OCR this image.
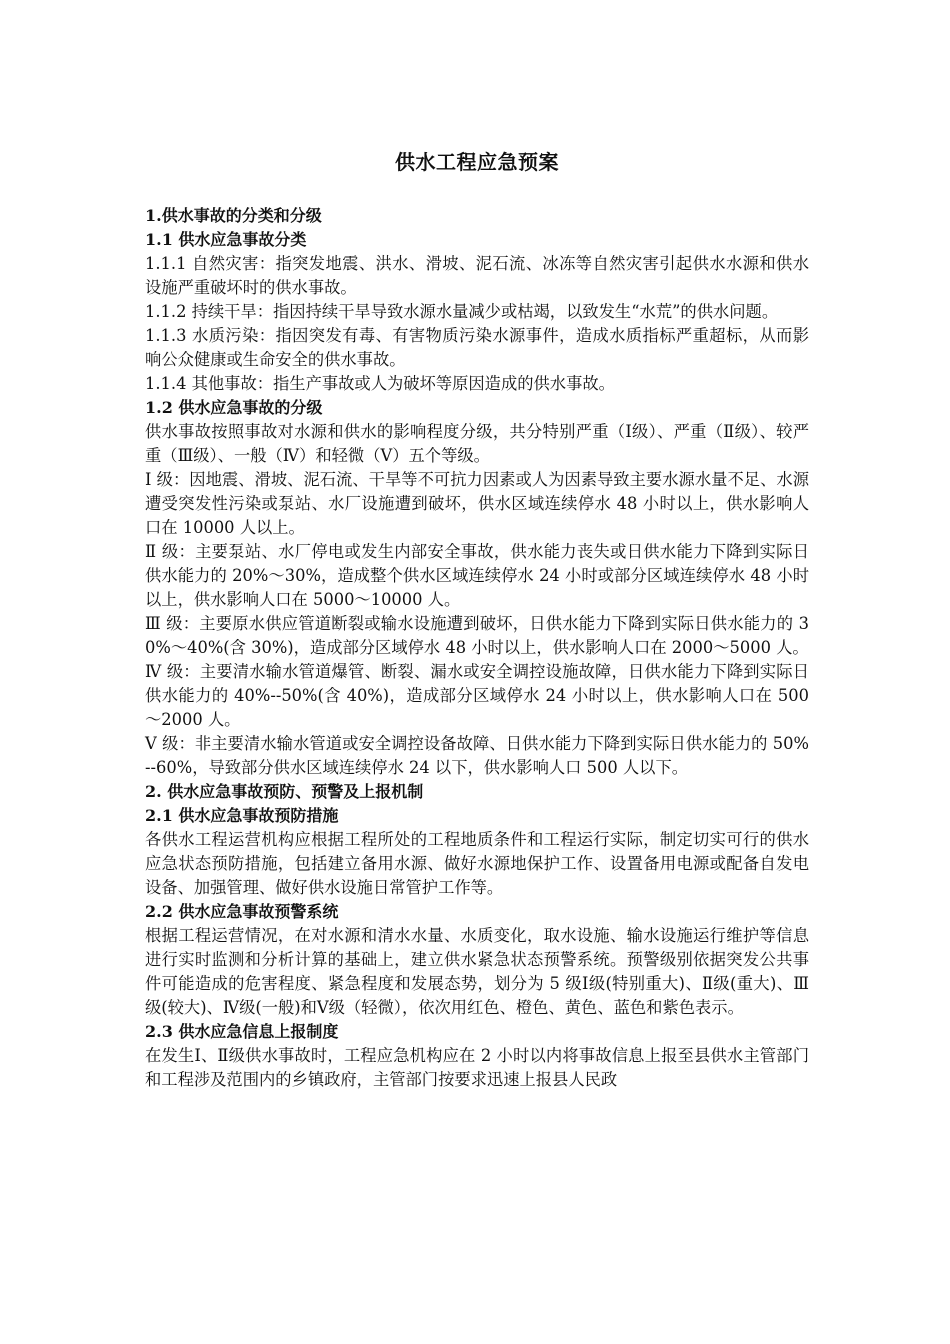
供水工程应急预案
1.供水事故的分类和分级
1.1 供水应急事故分类
1.1.1 自然灾害：指突发地震、洪水、滑坡、泥石流、冰冻等自然灾害引起供水水源和供水设施严重破坏时的供水事故。
1.1.2 持续干旱：指因持续干旱导致水源水量减少或枯竭，以致发生“水荒”的供水问题。
1.1.3 水质污染：指因突发有毒、有害物质污染水源事件，造成水质指标严重超标，从而影响公众健康或生命安全的供水事故。
1.1.4 其他事故：指生产事故或人为破坏等原因造成的供水事故。
1.2 供水应急事故的分级
供水事故按照事故对水源和供水的影响程度分级，共分特别严重（Ⅰ级）、严重（Ⅱ级）、较严重（Ⅲ级）、一般（Ⅳ）和轻微（Ⅴ）五个等级。
Ⅰ 级：因地震、滑坡、泥石流、干旱等不可抗力因素或人为因素导致主要水源水量不足、水源遭受突发性污染或泵站、水厂设施遭到破坏，供水区域连续停水 48 小时以上，供水影响人口在 10000 人以上。
Ⅱ 级：主要泵站、水厂停电或发生内部安全事故，供水能力丧失或日供水能力下降到实际日供水能力的 20%～30%，造成整个供水区域连续停水 24 小时或部分区域连续停水 48 小时以上，供水影响人口在 5000～10000 人。
Ⅲ 级：主要原水供应管道断裂或输水设施遭到破坏，日供水能力下降到实际日供水能力的 30%～40%(含 30%)，造成部分区域停水 48 小时以上，供水影响人口在 2000～5000 人。
Ⅳ 级：主要清水输水管道爆管、断裂、漏水或安全调控设施故障，日供水能力下降到实际日供水能力的 40%--50%(含 40%)，造成部分区域停水 24 小时以上，供水影响人口在 500～2000 人。
Ⅴ 级：非主要清水输水管道或安全调控设备故障、日供水能力下降到实际日供水能力的 50%--60%，导致部分供水区域连续停水 24 以下，供水影响人口 500 人以下。
2. 供水应急事故预防、预警及上报机制
2.1 供水应急事故预防措施
各供水工程运营机构应根据工程所处的工程地质条件和工程运行实际，制定切实可行的供水应急状态预防措施，包括建立备用水源、做好水源地保护工作、设置备用电源或配备自发电设备、加强管理、做好供水设施日常管护工作等。
2.2 供水应急事故预警系统
根据工程运营情况，在对水源和清水水量、水质变化，取水设施、输水设施运行维护等信息进行实时监测和分析计算的基础上，建立供水紧急状态预警系统。预警级别依据突发公共事件可能造成的危害程度、紧急程度和发展态势，划分为 5 级Ⅰ级(特别重大)、Ⅱ级(重大)、Ⅲ级(较大)、Ⅳ级(一般)和Ⅴ级（轻微），依次用红色、橙色、黄色、蓝色和紫色表示。
2.3 供水应急信息上报制度
在发生Ⅰ、Ⅱ级供水事故时，工程应急机构应在 2 小时以内将事故信息上报至县供水主管部门和工程涉及范围内的乡镇政府，主管部门按要求迅速上报县人民政
